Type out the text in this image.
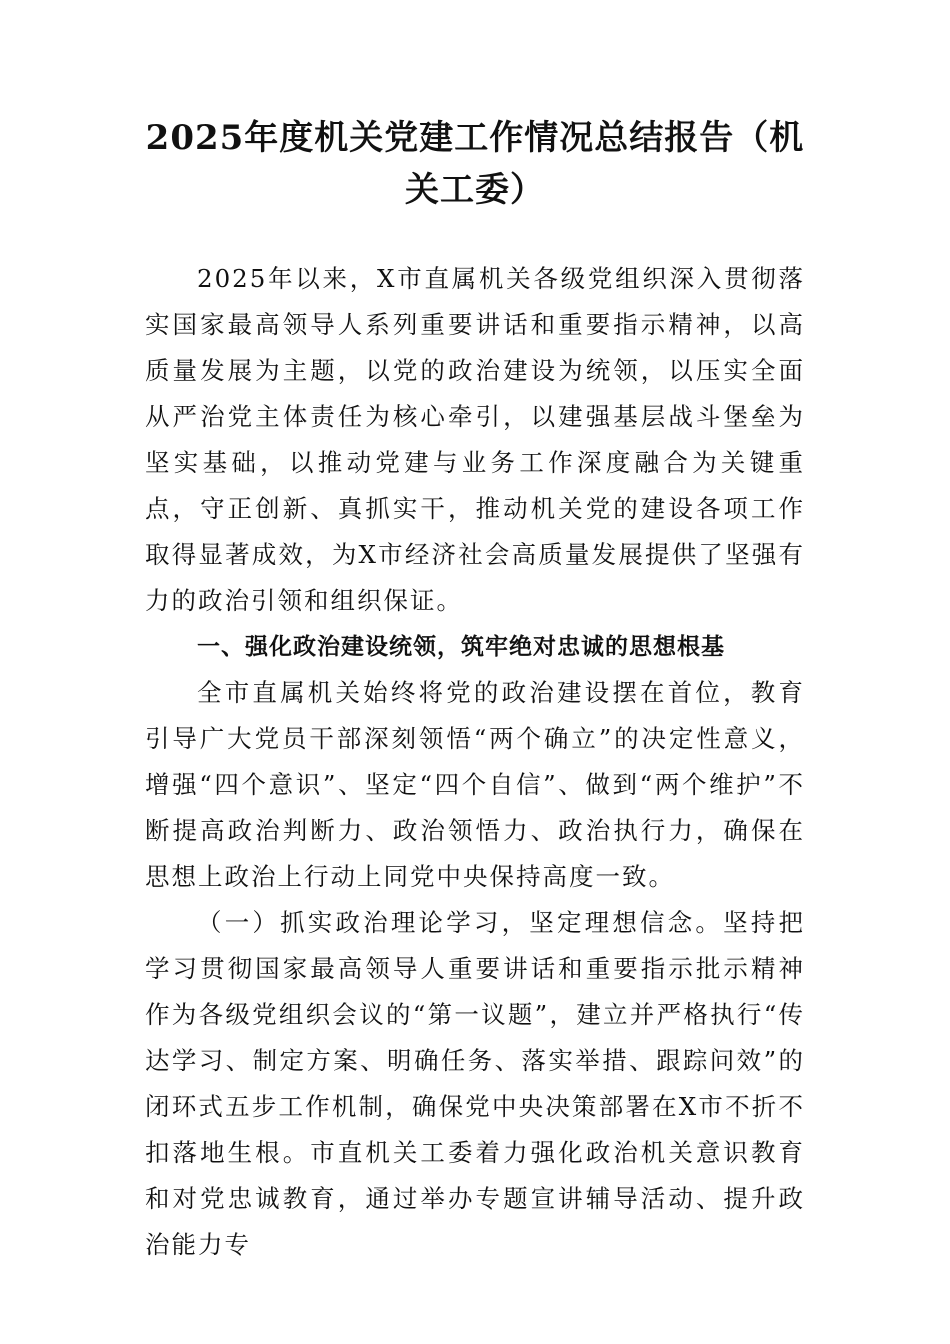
2025年度机关党建工作情况总结报告（机关工委）

2025年以来，X市直属机关各级党组织深入贯彻落实国家最高领导人系列重要讲话和重要指示精神，以高质量发展为主题，以党的政治建设为统领，以压实全面从严治党主体责任为核心牵引，以建强基层战斗堡垒为坚实基础，以推动党建与业务工作深度融合为关键重点，守正创新、真抓实干，推动机关党的建设各项工作取得显著成效，为X市经济社会高质量发展提供了坚强有力的政治引领和组织保证。

一、强化政治建设统领，筑牢绝对忠诚的思想根基

全市直属机关始终将党的政治建设摆在首位，教育引导广大党员干部深刻领悟“两个确立”的决定性意义，增强“四个意识”、坚定“四个自信”、做到“两个维护”不断提高政治判断力、政治领悟力、政治执行力，确保在思想上政治上行动上同党中央保持高度一致。

（一）抓实政治理论学习，坚定理想信念。坚持把学习贯彻国家最高领导人重要讲话和重要指示批示精神作为各级党组织会议的“第一议题”，建立并严格执行“传达学习、制定方案、明确任务、落实举措、跟踪问效”的闭环式五步工作机制，确保党中央决策部署在X市不折不扣落地生根。市直机关工委着力强化政治机关意识教育和对党忠诚教育，通过举办专题宣讲辅导活动、提升政治能力专
